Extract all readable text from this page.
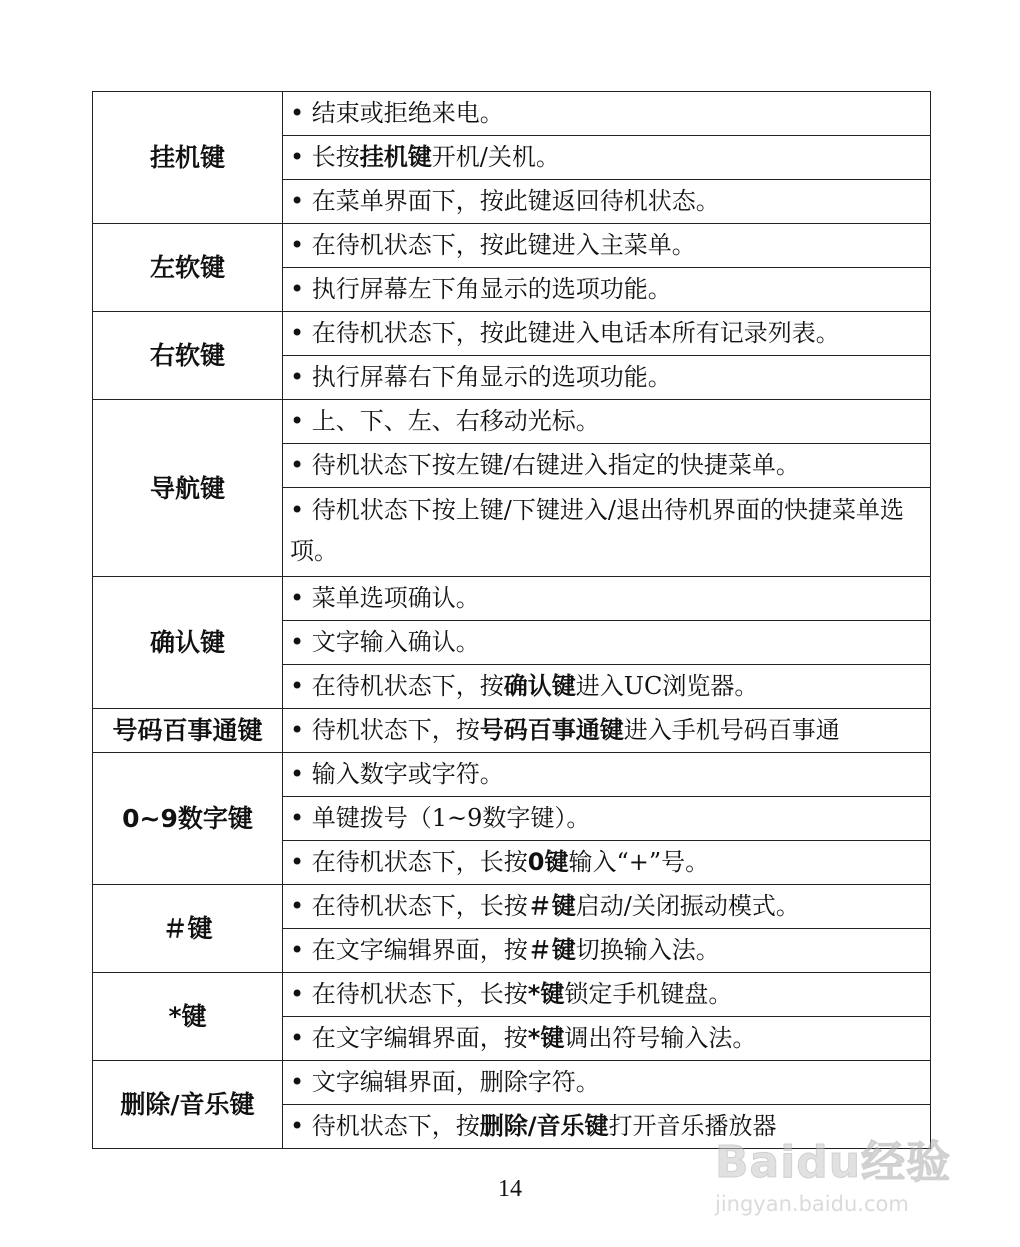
挂机键	• 结束或拒绝来电。
	• 长按挂机键开机/关机。
	• 在菜单界面下，按此键返回待机状态。
左软键	• 在待机状态下，按此键进入主菜单。
	• 执行屏幕左下角显示的选项功能。
右软键	• 在待机状态下，按此键进入电话本所有记录列表。
	• 执行屏幕右下角显示的选项功能。
导航键	• 上、下、左、右移动光标。
	• 待机状态下按左键/右键进入指定的快捷菜单。
	• 待机状态下按上键/下键进入/退出待机界面的快捷菜单选项。
确认键	• 菜单选项确认。
	• 文字输入确认。
	• 在待机状态下，按确认键进入UC浏览器。
号码百事通键	• 待机状态下，按号码百事通键进入手机号码百事通
0~9数字键	• 输入数字或字符。
	• 单键拨号（1~9数字键）。
	• 在待机状态下，长按0键输入“+”号。
＃键	• 在待机状态下，长按＃键启动/关闭振动模式。
	• 在文字编辑界面，按＃键切换输入法。
*键	• 在待机状态下，长按*键锁定手机键盘。
	• 在文字编辑界面，按*键调出符号输入法。
删除/音乐键	• 文字编辑界面，删除字符。
	• 待机状态下，按删除/音乐键打开音乐播放器
14
Baidu经验
jingyan.baidu.com
